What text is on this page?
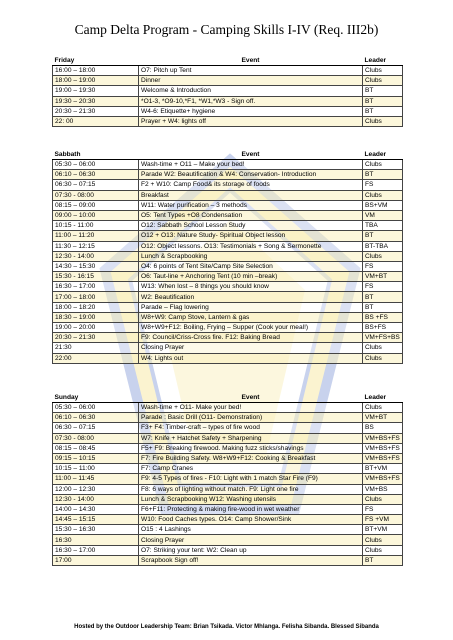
Camp Delta Program - Camping Skills I-IV (Req. III2b)
Friday	Event	Leader
16:00 – 18:00	O7: Pitch up Tent	Clubs
18:00 – 19:00	Dinner	Clubs
19:00 – 19:30	Welcome & Introduction	BT
19:30 – 20:30	*O1-3, *O9-10,*F1, *W1,*W3 - Sign off.	BT
20:30 – 21:30	W4-6: Etiquette+ hygiene	BT
22: 00	Prayer + W4: lights off	Clubs
Sabbath	Event	Leader
05:30 – 06:00	Wash-time + O11 – Make your bed!	Clubs
06:10 – 06:30	Parade W2: Beautification & W4: Conservation- Introduction	BT
06:30 – 07:15	F2 + W10: Camp Food& its storage of foods	FS
07:30 - 08:00	Breakfast	Clubs
08:15 – 09:00	W11: Water purification – 3 methods	BS+VM
09:00 – 10:00	O5: Tent Types +O8 Condensation	VM
10:15 - 11:00	O12: Sabbath School Lesson Study	TBA
11:00 – 11:20	O12 + O13: Nature Study- Spiritual Object lesson	BT
11:30 – 12:15	O12: Object lessons. O13: Testimonials + Song & Sermonette	BT-TBA
12:30 - 14:00	Lunch & Scrapbooking	Clubs
14:30 – 15:30	O4: 6 points of Tent Site/Camp Site Selection	FS
15:30 - 16:15	O6: Taut-line + Anchoring Tent (10 min –break)	VM+BT
16:30 – 17:00	W13: When lost – 8 things you should know	FS
17:00 – 18:00	W2: Beautification	BT
18:00 – 18:20	Parade – Flag lowering	BT
18:30 – 19:00	W8+W9: Camp Stove, Lantern & gas	BS +FS
19:00 – 20:00	W8+W9+F12: Boiling, Frying – Supper (Cook your meal!)	BS+FS
20:30 – 21:30	F9: Council/Criss-Cross fire. F12: Baking Bread	VM+FS+BS
21:30	Closing Prayer	Clubs
22:00	W4: Lights out	Clubs
Sunday	Event	Leader
05:30 – 06:00	Wash-time + O11- Make your bed!	Clubs
06:10 – 06:30	Parade : Basic Drill (O11- Demonstration)	VM+BT
06:30 – 07:15	F3+ F4: Timber-craft – types of fire wood	BS
07:30 - 08:00	W7: Knife + Hatchet Safety + Sharpening	VM+BS+FS
08:15 – 08:45	F5+ F9: Breaking firewood. Making fuzz sticks/shavings	VM+BS+FS
09:15 – 10:15	F7: Fire Building Safety. W8+W9+F12: Cooking & Breakfast	VM+BS+FS
10:15 – 11:00	F7: Camp Cranes	BT+VM
11:00 – 11:45	F9: 4-5 Types of fires - F10: Light with 1 match Star Fire (F9)	VM+BS+FS
12:00 – 12:30	F8: 6 ways of lighting without match. F9: Light one fire	VM+BS
12:30 - 14:00	Lunch & Scrapbooking W12: Washing utensils	Clubs
14:00 – 14:30	F6+F11: Protecting & making fire-wood in wet weather	FS
14:45 – 15:15	W10: Food Caches types. O14: Camp Shower/Sink	FS +VM
15:30 – 16:30	O15 : 4 Lashings	BT+VM
16:30	Closing Prayer	Clubs
16:30 – 17:00	O7: Striking your tent: W2: Clean up	Clubs
17:00	Scrapbook Sign off!	BT
Hosted by the Outdoor Leadership Team: Brian Tsikada. Victor Mhlanga. Felisha Sibanda. Blessed Sibanda
